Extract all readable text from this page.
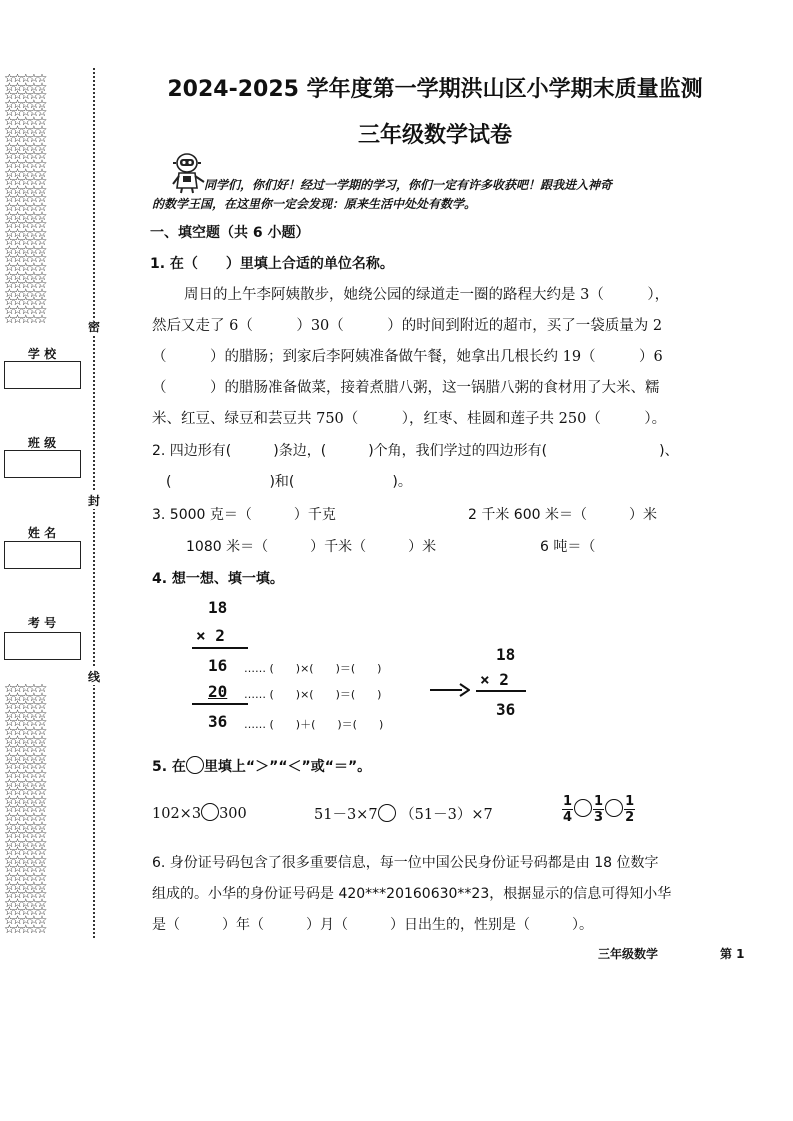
☆☆☆☆☆
☆☆☆☆☆
☆☆☆☆☆
☆☆☆☆☆
☆☆☆☆☆
☆☆☆☆☆
☆☆☆☆☆
☆☆☆☆☆
☆☆☆☆☆
☆☆☆☆☆
☆☆☆☆☆
☆☆☆☆☆
☆☆☆☆☆
☆☆☆☆☆
☆☆☆☆☆
☆☆☆☆☆
☆☆☆☆☆
☆☆☆☆☆
☆☆☆☆☆
☆☆☆☆☆
☆☆☆☆☆
☆☆☆☆☆
☆☆☆☆☆
☆☆☆☆☆
☆☆☆☆☆
☆☆☆☆☆
☆☆☆☆☆
☆☆☆☆☆
☆☆☆☆☆
☆☆☆☆☆
☆☆☆☆☆
☆☆☆☆☆
☆☆☆☆☆
☆☆☆☆☆
☆☆☆☆☆
☆☆☆☆☆
☆☆☆☆☆
☆☆☆☆☆
☆☆☆☆☆
☆☆☆☆☆
☆☆☆☆☆
☆☆☆☆☆
☆☆☆☆☆
☆☆☆☆☆
☆☆☆☆☆
☆☆☆☆☆
☆☆☆☆☆
☆☆☆☆☆
☆☆☆☆☆
☆☆☆☆☆
☆☆☆☆☆
☆☆☆☆☆
☆☆☆☆☆
☆☆☆☆☆
☆☆☆☆☆
☆☆☆☆☆
☆☆☆☆☆
☆☆☆☆☆
密
封
线
学 校
班 级
姓 名
考 号
2024-2025 学年度第一学期洪山区小学期末质量监测
三年级数学试卷
同学们，你们好！经过一学期的学习，你们一定有许多收获吧！跟我进入神奇
的数学王国，在这里你一定会发现：原来生活中处处有数学。
一、填空题（共 6 小题）
1. 在（　　）里填上合适的单位名称。
周日的上午李阿姨散步，她绕公园的绿道走一圈的路程大约是 3（　　　），
然后又走了 6（　　　）30（　　　）的时间到附近的超市，买了一袋质量为 2
（　　　）的腊肠；到家后李阿姨准备做午餐，她拿出几根长约 19（　　　）6
（　　　）的腊肠准备做菜，接着煮腊八粥，这一锅腊八粥的食材用了大米、糯
米、红豆、绿豆和芸豆共 750（　　　），红枣、桂圆和莲子共 250（　　　）。
2. 四边形有(　　　)条边，(　　　)个角，我们学过的四边形有(　　　　　　　　)、
(　　　　　　　)和(　　　　　　　)。
3. 5000 克＝（　　　）千克	2 千米 600 米＝（　　　）米
1080 米＝（　　　）千米（　　　）米	6 吨＝（
4. 想一想、填一填。
18
× 2
16
20
36
…… (　　)×(　　)＝(　　)
…… (　　)×(　　)＝(　　)
…… (　　)＋(　　)＝(　　)
18
× 2
36
5. 在 里填上“＞”“＜”或“＝”。
102×3 300	51－3×7 （51－3）×7	$\frac{1}{4} \frac{1}{3} \frac{1}{2}$
6. 身份证号码包含了很多重要信息，每一位中国公民身份证号码都是由 18 位数字
组成的。小华的身份证号码是 420***20160630**23，根据显示的信息可得知小华
是（　　　）年（　　　）月（　　　）日出生的，性别是（　　　）。
三年级数学	第 1
